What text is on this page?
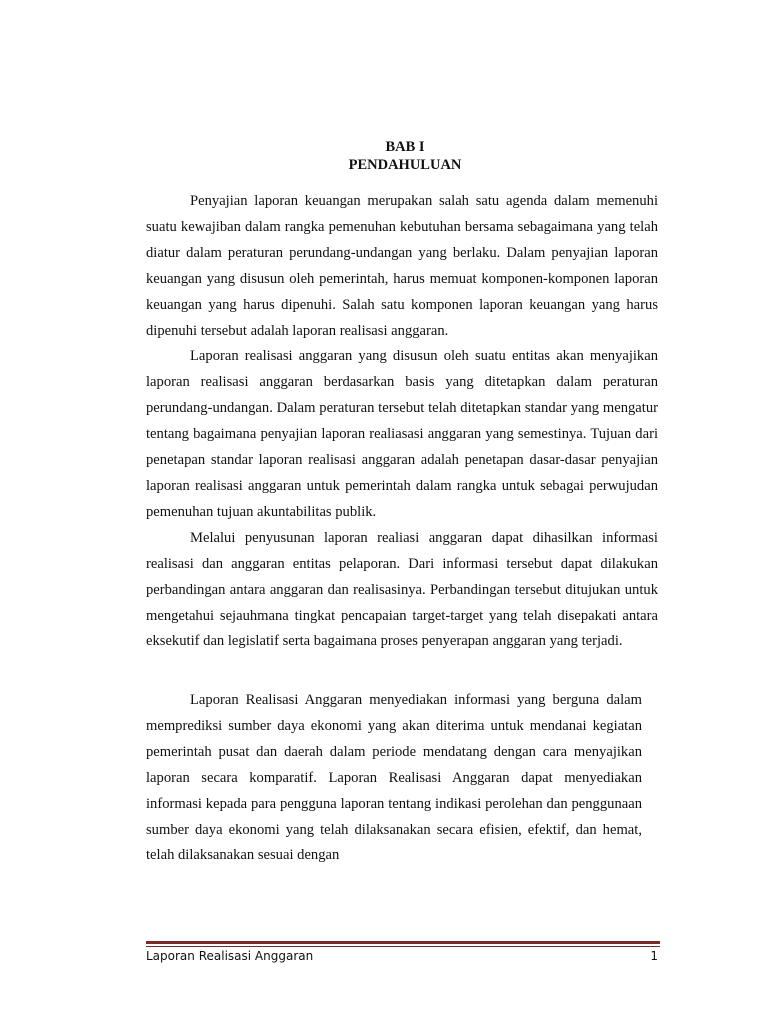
BAB I
PENDAHULUAN

Penyajian laporan keuangan merupakan salah satu agenda dalam memenuhi suatu kewajiban dalam rangka pemenuhan kebutuhan bersama sebagaimana yang telah diatur dalam peraturan perundang-undangan yang berlaku. Dalam penyajian laporan keuangan yang disusun oleh pemerintah, harus memuat komponen-komponen laporan keuangan yang harus dipenuhi. Salah satu komponen laporan keuangan yang harus dipenuhi tersebut adalah laporan realisasi anggaran.

Laporan realisasi anggaran yang disusun oleh suatu entitas akan menyajikan laporan realisasi anggaran berdasarkan basis yang ditetapkan dalam peraturan perundang-undangan. Dalam peraturan tersebut telah ditetapkan standar yang mengatur tentang bagaimana penyajian laporan realiasasi anggaran yang semestinya. Tujuan dari penetapan standar laporan realisasi anggaran adalah penetapan dasar-dasar penyajian laporan realisasi anggaran untuk pemerintah dalam rangka untuk sebagai perwujudan pemenuhan tujuan akuntabilitas publik.

Melalui penyusunan laporan realiasi anggaran dapat dihasilkan informasi realisasi dan anggaran entitas pelaporan. Dari informasi tersebut dapat dilakukan perbandingan antara anggaran dan realisasinya. Perbandingan tersebut ditujukan untuk mengetahui sejauhmana tingkat pencapaian target-target yang telah disepakati antara eksekutif dan legislatif serta bagaimana proses penyerapan anggaran yang terjadi.

Laporan Realisasi Anggaran menyediakan informasi yang berguna dalam memprediksi sumber daya ekonomi yang akan diterima untuk mendanai kegiatan pemerintah pusat dan daerah dalam periode mendatang dengan cara menyajikan laporan secara komparatif. Laporan Realisasi Anggaran dapat menyediakan informasi kepada para pengguna laporan tentang indikasi perolehan dan penggunaan sumber daya ekonomi yang telah dilaksanakan secara efisien, efektif, dan hemat, telah dilaksanakan sesuai dengan

Laporan Realisasi Anggaran	1
